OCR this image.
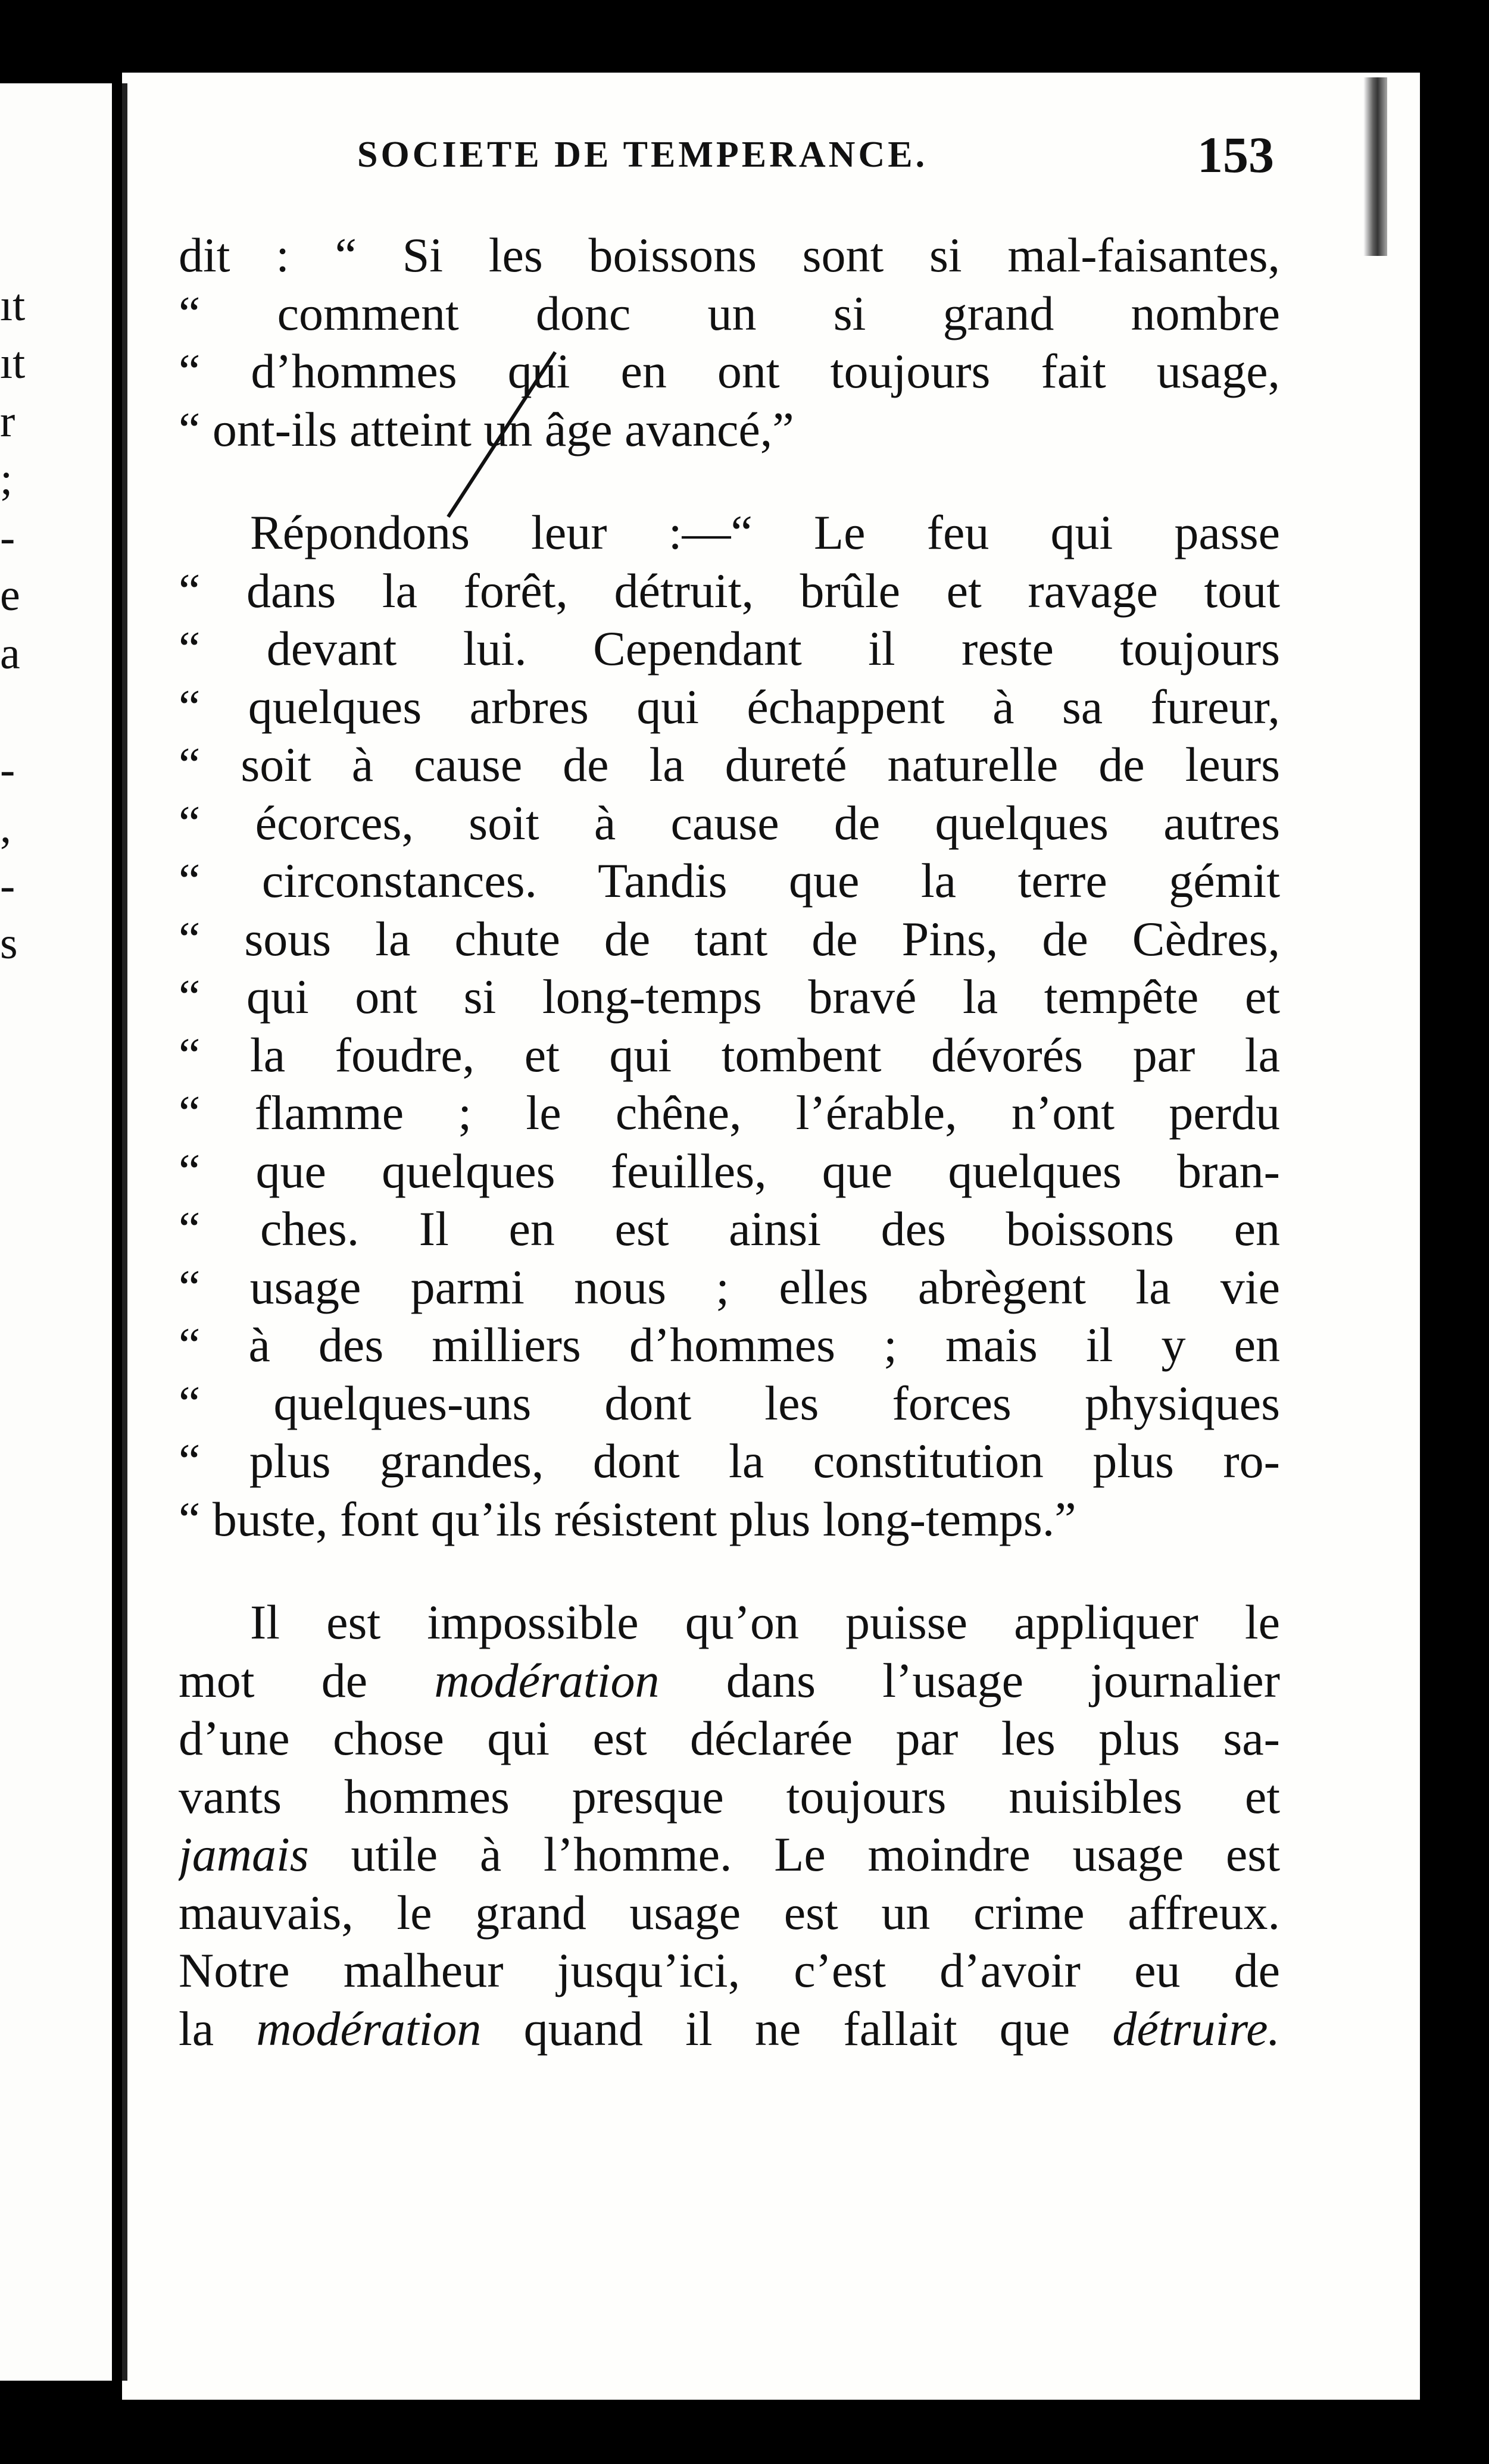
ıt
ıt
r
;
-
e
a
-
,
-
s
SOCIETE DE TEMPERANCE.	153
dit : “ Si les boissons sont si mal-faisantes,
“ comment donc un si grand nombre
“ d’hommes qui en ont toujours fait usage,
“ ont-ils atteint un âge avancé,”
Répondons leur :—“ Le feu qui passe
“ dans la forêt, détruit, brûle et ravage tout
“ devant lui. Cependant il reste toujours
“ quelques arbres qui échappent à sa fureur,
“ soit à cause de la dureté naturelle de leurs
“ écorces, soit à cause de quelques autres
“ circonstances. Tandis que la terre gémit
“ sous la chute de tant de Pins, de Cèdres,
“ qui ont si long-temps bravé la tempête et
“ la foudre, et qui tombent dévorés par la
“ flamme ; le chêne, l’érable, n’ont perdu
“ que quelques feuilles, que quelques bran-
“ ches. Il en est ainsi des boissons en
“ usage parmi nous ; elles abrègent la vie
“ à des milliers d’hommes ; mais il y en
“ quelques-uns dont les forces physiques
“ plus grandes, dont la constitution plus ro-
“ buste, font qu’ils résistent plus long-temps.”
Il est impossible qu’on puisse appliquer le
mot de modération dans l’usage journalier
d’une chose qui est déclarée par les plus sa-
vants hommes presque toujours nuisibles et
jamais utile à l’homme. Le moindre usage est
mauvais, le grand usage est un crime affreux.
Notre malheur jusqu’ici, c’est d’avoir eu de
la modération quand il ne fallait que détruire.
